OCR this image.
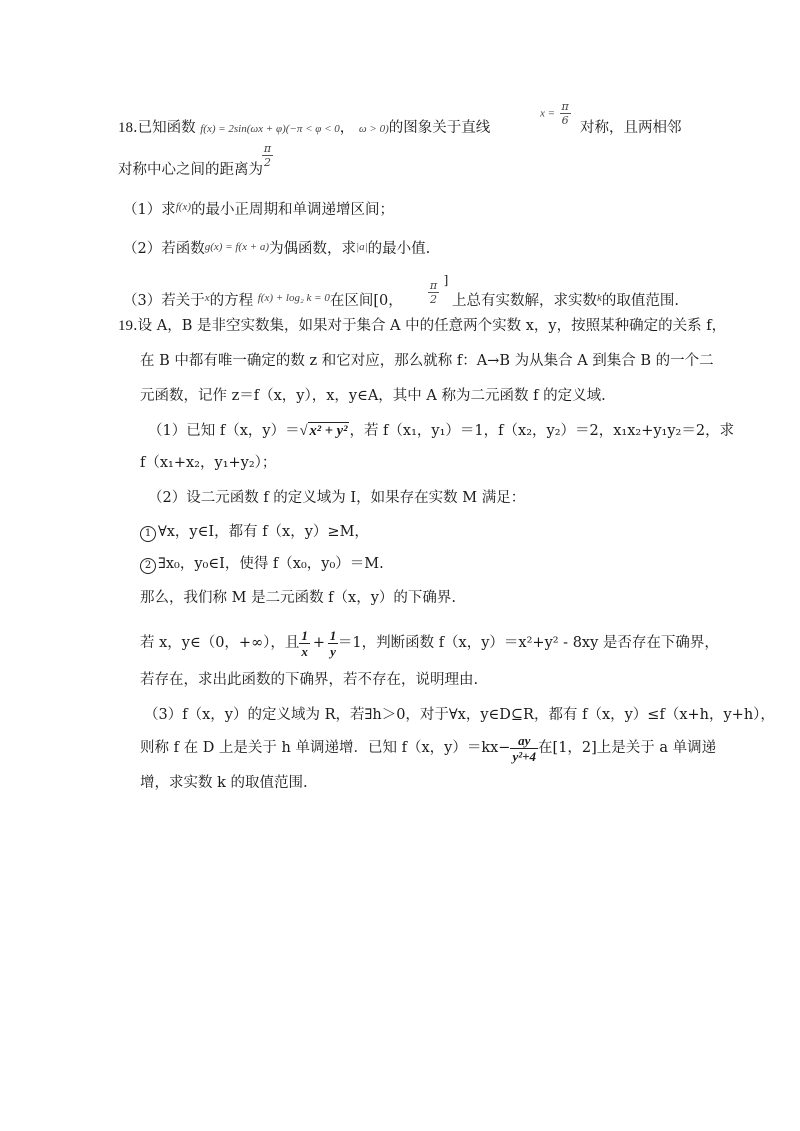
18.已知函数 f(x) = 2sin(ωx + φ)(−π < φ < 0， ω > 0)的图象关于直线
$x = \frac{\pi}{6}$
对称，且两相邻
对称中心之间的距离为
$\frac{\pi}{2}$
（1）求$^{f(x)}$的最小正周期和单调递增区间；
（2）若函数$^{g(x) = f(x + a)}$为偶函数，求$^{|a|}$的最小值.
（3）若关于$^x$的方程 $^{f(x) + log_2 k = 0}$在区间[0， $\frac{\pi}{2} ^]$
上总有实数解，求实数$^k$的取值范围.
19.设 A，B 是非空实数集，如果对于集合 A 中的任意两个实数 x，y，按照某种确定的关系 f，
在 B 中都有唯一确定的数 z 和它对应，那么就称 f：A→B 为从集合 A 到集合 B 的一个二
元函数，记作 z＝f（x，y），x，y∈A，其中 A 称为二元函数 f 的定义域.
（1）已知 f（x，y）＝√ x² + y² ，若 f（x₁，y₁）＝1，f（x₂，y₂）＝2，x₁x₂+y₁y₂＝2，求
f（x₁+x₂，y₁+y₂）；
（2）设二元函数 f 的定义域为 I，如果存在实数 M 满足：
1 ∀x，y∈I，都有 f（x，y）≥M，
2 ∃x₀，y₀∈I，使得 f（x₀，y₀）＝M.
那么，我们称 M 是二元函数 f（x，y）的下确界.
若 x，y∈（0，+∞），且 $\frac{1}{x} + \frac{1}{y} =1$，判断函数 f（x，y）＝x²+y² - 8xy 是否存在下确界，
若存在，求出此函数的下确界，若不存在，说明理由.
（3）f（x，y）的定义域为 R，若∃h＞0，对于∀x，y∈D⊆R，都有 f（x，y）≤f（x+h，y+h），
则称 f 在 D 上是关于 h 单调递增．已知 f（x，$y)=kx- \frac{ay}{\text{y²+4}}$ 在[1，2]上是关于 a 单调递
增，求实数 k 的取值范围.
